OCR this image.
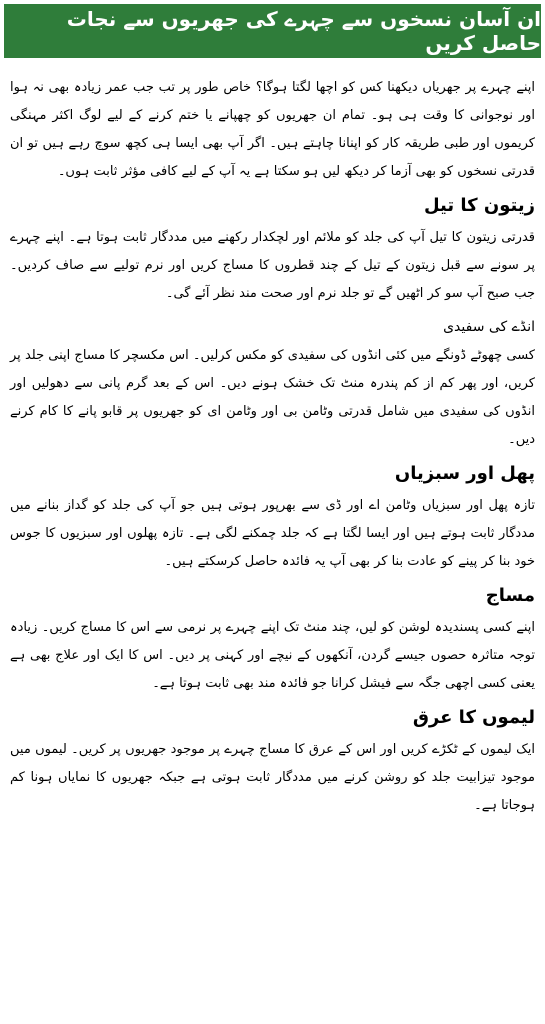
ان آسان نسخوں سے چہرے کی جھریوں سے نجات حاصل کریں

اپنے چہرے پر جھریاں دیکھنا کس کو اچھا لگتا ہوگا؟ خاص طور پر تب جب عمر زیادہ بھی نہ ہوا اور نوجوانی کا وقت ہی ہو۔ تمام ان جھریوں کو چھپانے یا ختم کرنے کے لیے لوگ اکثر مہنگی کریموں اور طبی طریقہ کار کو اپنانا چاہتے ہیں۔ اگر آپ بھی ایسا ہی کچھ سوچ رہے ہیں تو ان قدرتی نسخوں کو بھی آزما کر دیکھ لیں ہو سکتا ہے یہ آپ کے لیے کافی مؤثر ثابت ہوں۔

زیتون کا تیل

قدرتی زیتون کا تیل آپ کی جلد کو ملائم اور لچکدار رکھنے میں مددگار ثابت ہوتا ہے۔ اپنے چہرے پر سونے سے قبل زیتون کے تیل کے چند قطروں کا مساج کریں اور نرم تولیے سے صاف کردیں۔ جب صبح آپ سو کر اٹھیں گے تو جلد نرم اور صحت مند نظر آئے گی۔

انڈے کی سفیدی

کسی چھوٹے ڈونگے میں کئی انڈوں کی سفیدی کو مکس کرلیں۔ اس مکسچر کا مساج اپنی جلد پر کریں، اور پھر کم از کم پندرہ منٹ تک خشک ہونے دیں۔ اس کے بعد گرم پانی سے دھولیں اور انڈوں کی سفیدی میں شامل قدرتی وٹامن بی اور وٹامن ای کو جھریوں پر قابو پانے کا کام کرنے دیں۔

پھل اور سبزیاں

تازہ پھل اور سبزیاں وٹامن اے اور ڈی سے بھرپور ہوتی ہیں جو آپ کی جلد کو گداز بنانے میں مددگار ثابت ہوتے ہیں اور ایسا لگتا ہے کہ جلد چمکنے لگی ہے۔ تازہ پھلوں اور سبزیوں کا جوس خود بنا کر پینے کو عادت بنا کر بھی آپ یہ فائدہ حاصل کرسکتے ہیں۔

مساج

اپنے کسی پسندیدہ لوشن کو لیں، چند منٹ تک اپنے چہرے پر نرمی سے اس کا مساج کریں۔ زیادہ توجہ متاثرہ حصوں جیسے گردن، آنکھوں کے نیچے اور کہنی پر دیں۔ اس کا ایک اور علاج بھی ہے یعنی کسی اچھی جگہ سے فیشل کرانا جو فائدہ مند بھی ثابت ہوتا ہے۔

لیموں کا عرق

ایک لیموں کے ٹکڑے کریں اور اس کے عرق کا مساج چہرے پر موجود جھریوں پر کریں۔ لیموں میں موجود تیزابیت جلد کو روشن کرنے میں مددگار ثابت ہوتی ہے جبکہ جھریوں کا نمایاں ہونا کم ہوجاتا ہے۔
